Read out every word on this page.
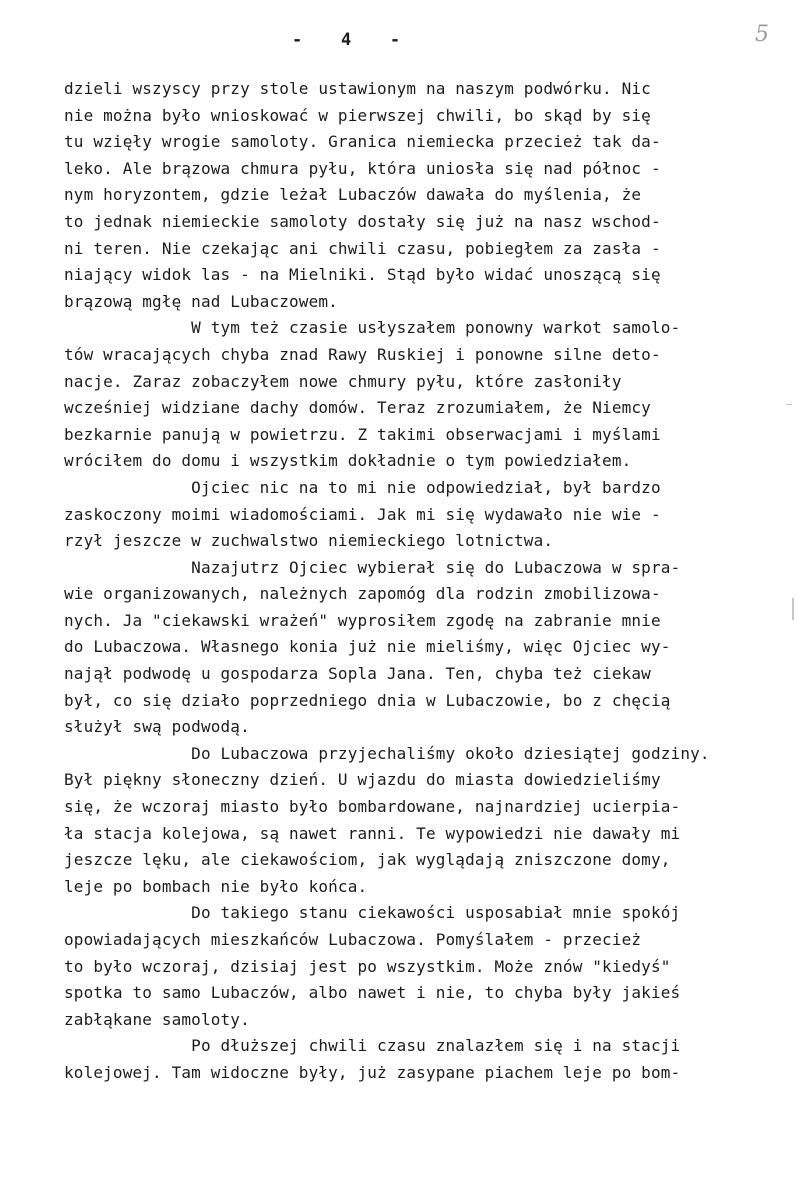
-   4   -	5
dzieli wszyscy przy stole ustawionym na naszym podwórku. Nic
nie można było wnioskować w pierwszej chwili, bo skąd by się
tu wzięły wrogie samoloty. Granica niemiecka przecież tak da-
leko. Ale brązowa chmura pyłu, która uniosła się nad północ -
nym horyzontem, gdzie leżał Lubaczów dawała do myślenia, że
to jednak niemieckie samoloty dostały się już na nasz wschod-
ni teren. Nie czekając ani chwili czasu, pobiegłem za zasła -
niający widok las - na Mielniki. Stąd było widać unoszącą się
brązową mgłę nad Lubaczowem.
W tym też czasie usłyszałem ponowny warkot samolo-
tów wracających chyba znad Rawy Ruskiej i ponowne silne deto-
nacje. Zaraz zobaczyłem nowe chmury pyłu, które zasłoniły
wcześniej widziane dachy domów. Teraz zrozumiałem, że Niemcy
bezkarnie panują w powietrzu. Z takimi obserwacjami i myślami
wróciłem do domu i wszystkim dokładnie o tym powiedziałem.
Ojciec nic na to mi nie odpowiedział, był bardzo
zaskoczony moimi wiadomościami. Jak mi się wydawało nie wie -
rzył jeszcze w zuchwalstwo niemieckiego lotnictwa.
Nazajutrz Ojciec wybierał się do Lubaczowa w spra-
wie organizowanych, należnych zapomóg dla rodzin zmobilizowa-
nych. Ja "ciekawski wrażeń" wyprosiłem zgodę na zabranie mnie
do Lubaczowa. Własnego konia już nie mieliśmy, więc Ojciec wy-
najął podwodę u gospodarza Sopla Jana. Ten, chyba też ciekaw
był, co się działo poprzedniego dnia w Lubaczowie, bo z chęcią
służył swą podwodą.
Do Lubaczowa przyjechaliśmy około dziesiątej godziny.
Był piękny słoneczny dzień. U wjazdu do miasta dowiedzieliśmy
się, że wczoraj miasto było bombardowane, najnardziej ucierpia-
ła stacja kolejowa, są nawet ranni. Te wypowiedzi nie dawały mi
jeszcze lęku, ale ciekawościom, jak wyglądają zniszczone domy,
leje po bombach nie było końca.
Do takiego stanu ciekawości usposabiał mnie spokój
opowiadających mieszkańców Lubaczowa. Pomyślałem - przecież
to było wczoraj, dzisiaj jest po wszystkim. Może znów "kiedyś"
spotka to samo Lubaczów, albo nawet i nie, to chyba były jakieś
zabłąkane samoloty.
Po dłuższej chwili czasu znalazłem się i na stacji
kolejowej. Tam widoczne były, już zasypane piachem leje po bom-
